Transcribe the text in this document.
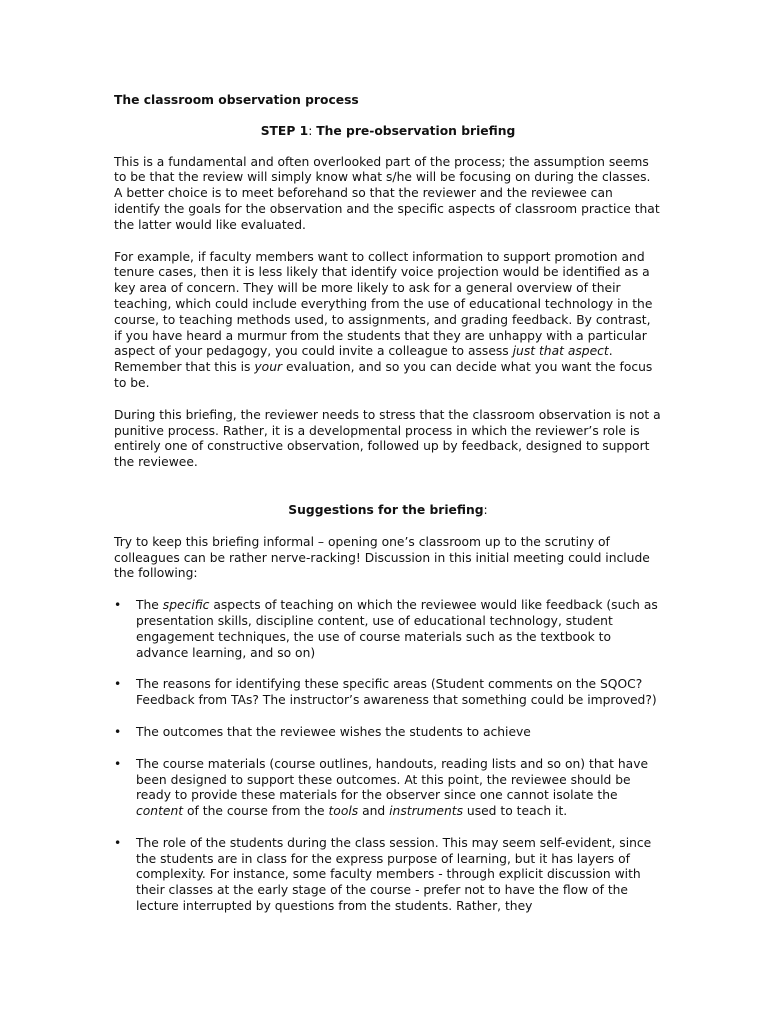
The classroom observation process
STEP 1: The pre-observation briefing

This is a fundamental and often overlooked part of the process; the assumption seems to be that the review will simply know what s/he will be focusing on during the classes. A better choice is to meet beforehand so that the reviewer and the reviewee can identify the goals for the observation and the specific aspects of classroom practice that the latter would like evaluated.

For example, if faculty members want to collect information to support promotion and tenure cases, then it is less likely that identify voice projection would be identified as a key area of concern. They will be more likely to ask for a general overview of their teaching, which could include everything from the use of educational technology in the course, to teaching methods used, to assignments, and grading feedback. By contrast, if you have heard a murmur from the students that they are unhappy with a particular aspect of your pedagogy, you could invite a colleague to assess just that aspect. Remember that this is your evaluation, and so you can decide what you want the focus to be.

During this briefing, the reviewer needs to stress that the classroom observation is not a punitive process. Rather, it is a developmental process in which the reviewer’s role is entirely one of constructive observation, followed up by feedback, designed to support the reviewee.

Suggestions for the briefing:

Try to keep this briefing informal – opening one’s classroom up to the scrutiny of colleagues can be rather nerve-racking! Discussion in this initial meeting could include the following:

• The specific aspects of teaching on which the reviewee would like feedback (such as presentation skills, discipline content, use of educational technology, student engagement techniques, the use of course materials such as the textbook to advance learning, and so on)
• The reasons for identifying these specific areas (Student comments on the SQOC? Feedback from TAs? The instructor’s awareness that something could be improved?)
• The outcomes that the reviewee wishes the students to achieve
• The course materials (course outlines, handouts, reading lists and so on) that have been designed to support these outcomes. At this point, the reviewee should be ready to provide these materials for the observer since one cannot isolate the content of the course from the tools and instruments used to teach it.
• The role of the students during the class session. This may seem self-evident, since the students are in class for the express purpose of learning, but it has layers of complexity. For instance, some faculty members - through explicit discussion with their classes at the early stage of the course - prefer not to have the flow of the lecture interrupted by questions from the students. Rather, they
